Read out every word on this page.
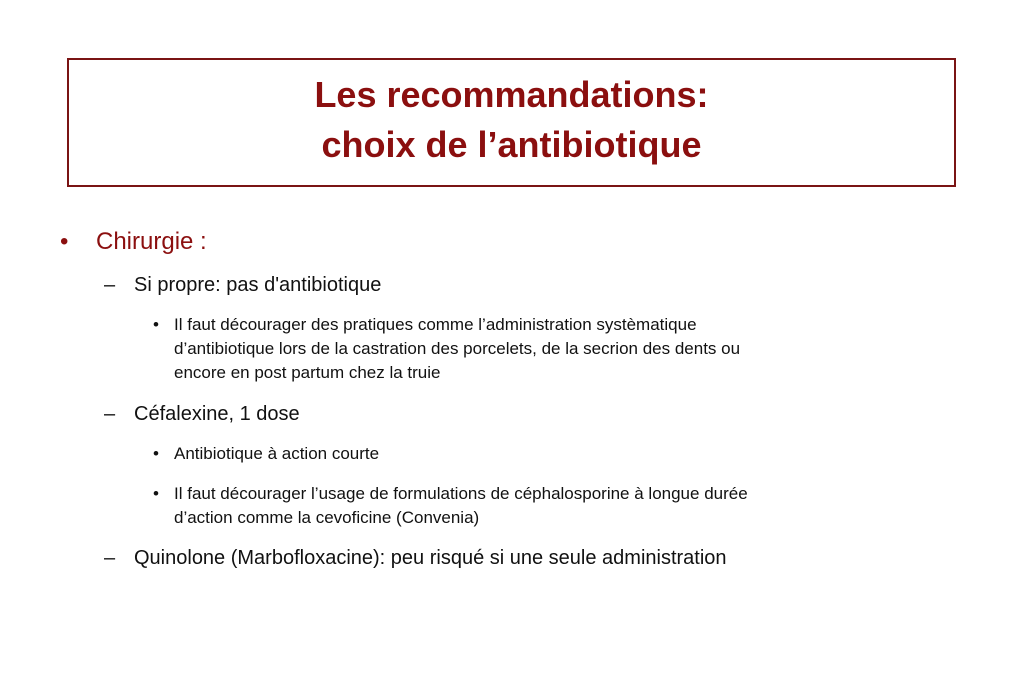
Les recommandations:
choix de l’antibiotique
• Chirurgie :
– Si propre: pas d'antibiotique
• Il faut décourager des pratiques comme l’administration systèmatique
d’antibiotique lors de la castration des porcelets, de la secrion des dents ou
encore en post partum chez la truie
– Céfalexine, 1 dose
• Antibiotique à action courte
• Il faut décourager l’usage de formulations de céphalosporine à longue durée
d’action comme la cevoficine (Convenia)
– Quinolone (Marbofloxacine): peu risqué si une seule administration
